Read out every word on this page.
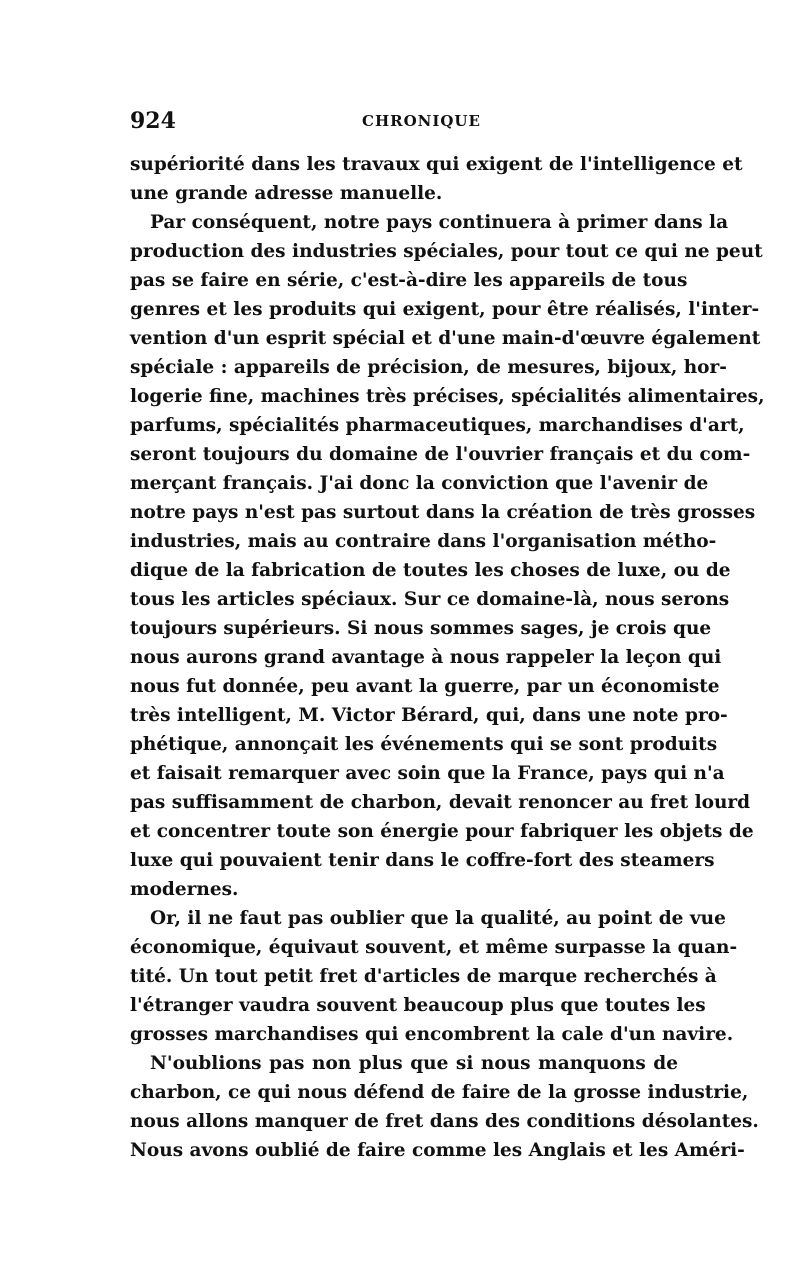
924	CHRONIQUE
supériorité dans les travaux qui exigent de l'intelligence et
une grande adresse manuelle.
Par conséquent, notre pays continuera à primer dans la
production des industries spéciales, pour tout ce qui ne peut
pas se faire en série, c'est-à-dire les appareils de tous
genres et les produits qui exigent, pour être réalisés, l'inter-
vention d'un esprit spécial et d'une main-d'œuvre également
spéciale : appareils de précision, de mesures, bijoux, hor-
logerie fine, machines très précises, spécialités alimentaires,
parfums, spécialités pharmaceutiques, marchandises d'art,
seront toujours du domaine de l'ouvrier français et du com-
merçant français. J'ai donc la conviction que l'avenir de
notre pays n'est pas surtout dans la création de très grosses
industries, mais au contraire dans l'organisation métho-
dique de la fabrication de toutes les choses de luxe, ou de
tous les articles spéciaux. Sur ce domaine-là, nous serons
toujours supérieurs. Si nous sommes sages, je crois que
nous aurons grand avantage à nous rappeler la leçon qui
nous fut donnée, peu avant la guerre, par un économiste
très intelligent, M. Victor Bérard, qui, dans une note pro-
phétique, annonçait les événements qui se sont produits
et faisait remarquer avec soin que la France, pays qui n'a
pas suffisamment de charbon, devait renoncer au fret lourd
et concentrer toute son énergie pour fabriquer les objets de
luxe qui pouvaient tenir dans le coffre-fort des steamers
modernes.
Or, il ne faut pas oublier que la qualité, au point de vue
économique, équivaut souvent, et même surpasse la quan-
tité. Un tout petit fret d'articles de marque recherchés à
l'étranger vaudra souvent beaucoup plus que toutes les
grosses marchandises qui encombrent la cale d'un navire.
N'oublions pas non plus que si nous manquons de
charbon, ce qui nous défend de faire de la grosse industrie,
nous allons manquer de fret dans des conditions désolantes.
Nous avons oublié de faire comme les Anglais et les Améri-
